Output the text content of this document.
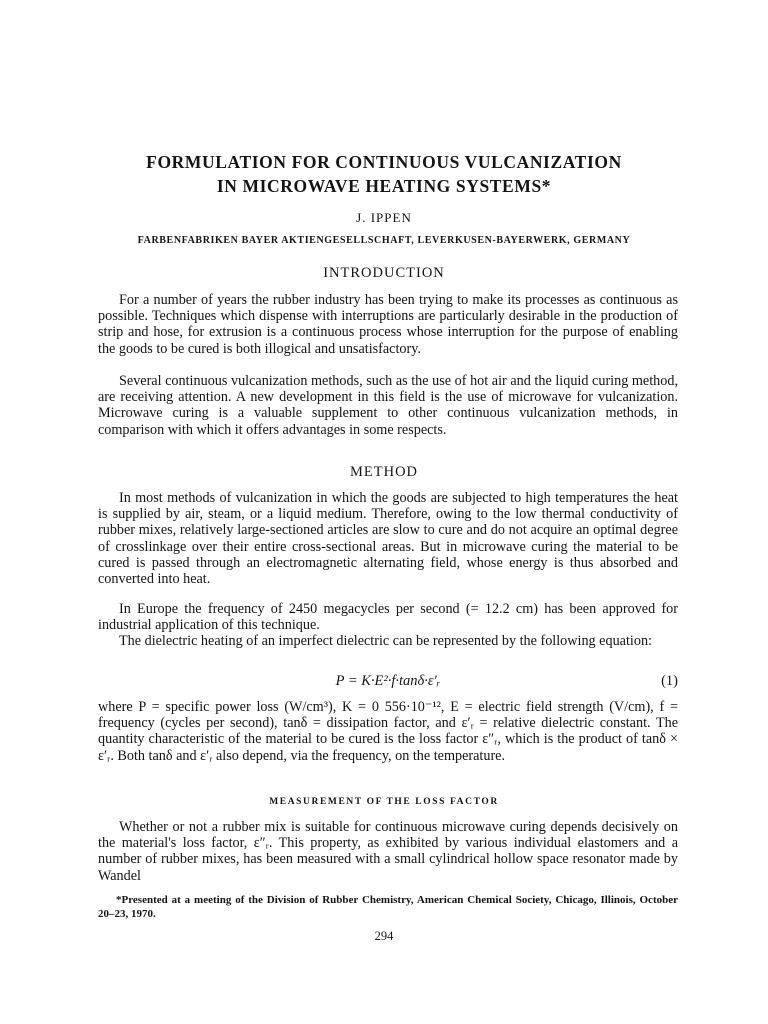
FORMULATION FOR CONTINUOUS VULCANIZATION
IN MICROWAVE HEATING SYSTEMS*
J. IPPEN
FARBENFABRIKEN BAYER AKTIENGESELLSCHAFT, LEVERKUSEN-BAYERWERK, GERMANY
INTRODUCTION

For a number of years the rubber industry has been trying to make its processes as continuous as possible. Techniques which dispense with interruptions are particularly desirable in the production of strip and hose, for extrusion is a continuous process whose interruption for the purpose of enabling the goods to be cured is both illogical and unsatisfactory.

Several continuous vulcanization methods, such as the use of hot air and the liquid curing method, are receiving attention. A new development in this field is the use of microwave for vulcanization. Microwave curing is a valuable supplement to other continuous vulcanization methods, in comparison with which it offers advantages in some respects.

METHOD

In most methods of vulcanization in which the goods are subjected to high temperatures the heat is supplied by air, steam, or a liquid medium. Therefore, owing to the low thermal conductivity of rubber mixes, relatively large-sectioned articles are slow to cure and do not acquire an optimal degree of crosslinkage over their entire cross-sectional areas. But in microwave curing the material to be cured is passed through an electromagnetic alternating field, whose energy is thus absorbed and converted into heat.

In Europe the frequency of 2450 megacycles per second (= 12.2 cm) has been approved for industrial application of this technique.

The dielectric heating of an imperfect dielectric can be represented by the following equation:

P = K·E²·f·tanδ·ε′ᵣ	(1)

where P = specific power loss (W/cm³), K = 0 556·10⁻¹², E = electric field strength (V/cm), f = frequency (cycles per second), tanδ = dissipation factor, and ε′ᵣ = relative dielectric constant. The quantity characteristic of the material to be cured is the loss factor ε″ᵣ, which is the product of tanδ × ε′ᵣ. Both tanδ and ε′ᵣ also depend, via the frequency, on the temperature.

MEASUREMENT OF THE LOSS FACTOR

Whether or not a rubber mix is suitable for continuous microwave curing depends decisively on the material's loss factor, ε″ᵣ. This property, as exhibited by various individual elastomers and a number of rubber mixes, has been measured with a small cylindrical hollow space resonator made by Wandel

*Presented at a meeting of the Division of Rubber Chemistry, American Chemical Society, Chicago, Illinois, October 20–23, 1970.

294
